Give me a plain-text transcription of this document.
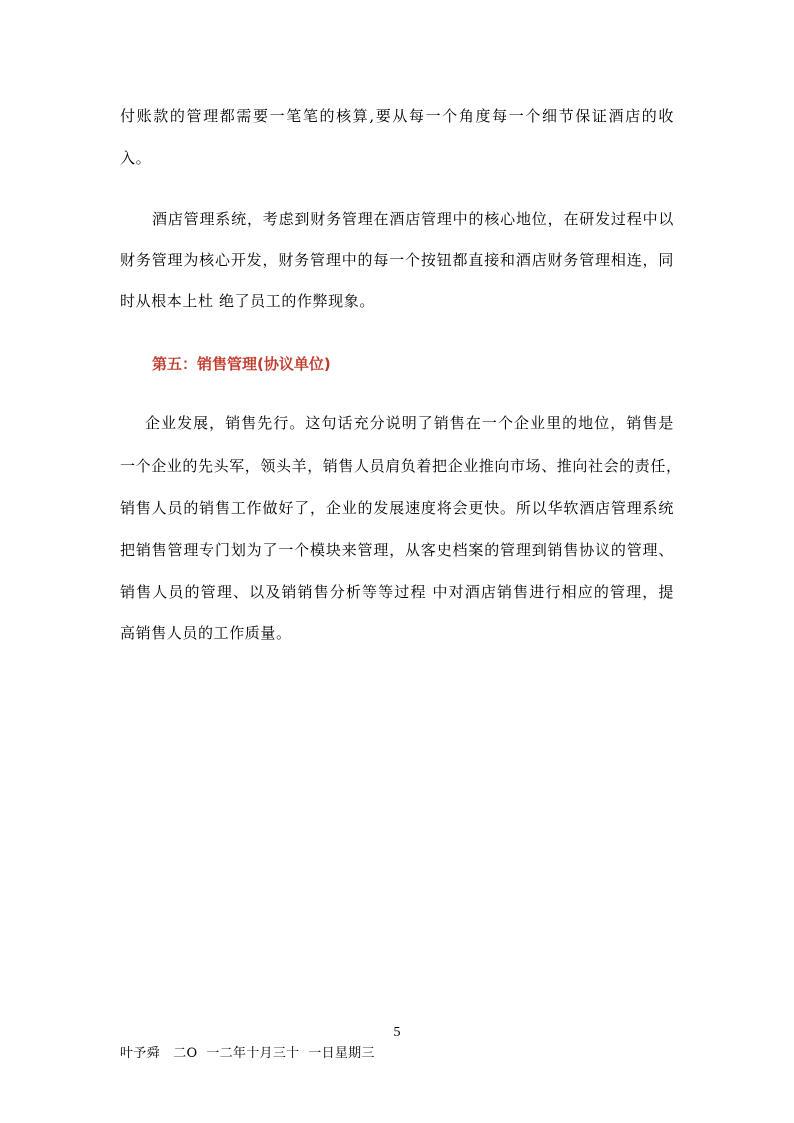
付账款的管理都需要一笔笔的核算,要从每一个角度每一个细节保证酒店的收
入。
酒店管理系统，考虑到财务管理在酒店管理中的核心地位，在研发过程中以
财务管理为核心开发，财务管理中的每一个按钮都直接和酒店财务管理相连，同
时从根本上杜 绝了员工的作弊现象。
第五：销售管理(协议单位)
企业发展，销售先行。这句话充分说明了销售在一个企业里的地位，销售是
一个企业的先头军，领头羊，销售人员肩负着把企业推向市场、推向社会的责任，
销售人员的销售工作做好了，企业的发展速度将会更快。所以华软酒店管理系统
把销售管理专门划为了一个模块来管理，从客史档案的管理到销售协议的管理、
销售人员的管理、以及销销售分析等等过程 中对酒店销售进行相应的管理，提
高销售人员的工作质量。
5
叶予舜   二О  一二年十月三十  一日星期三
